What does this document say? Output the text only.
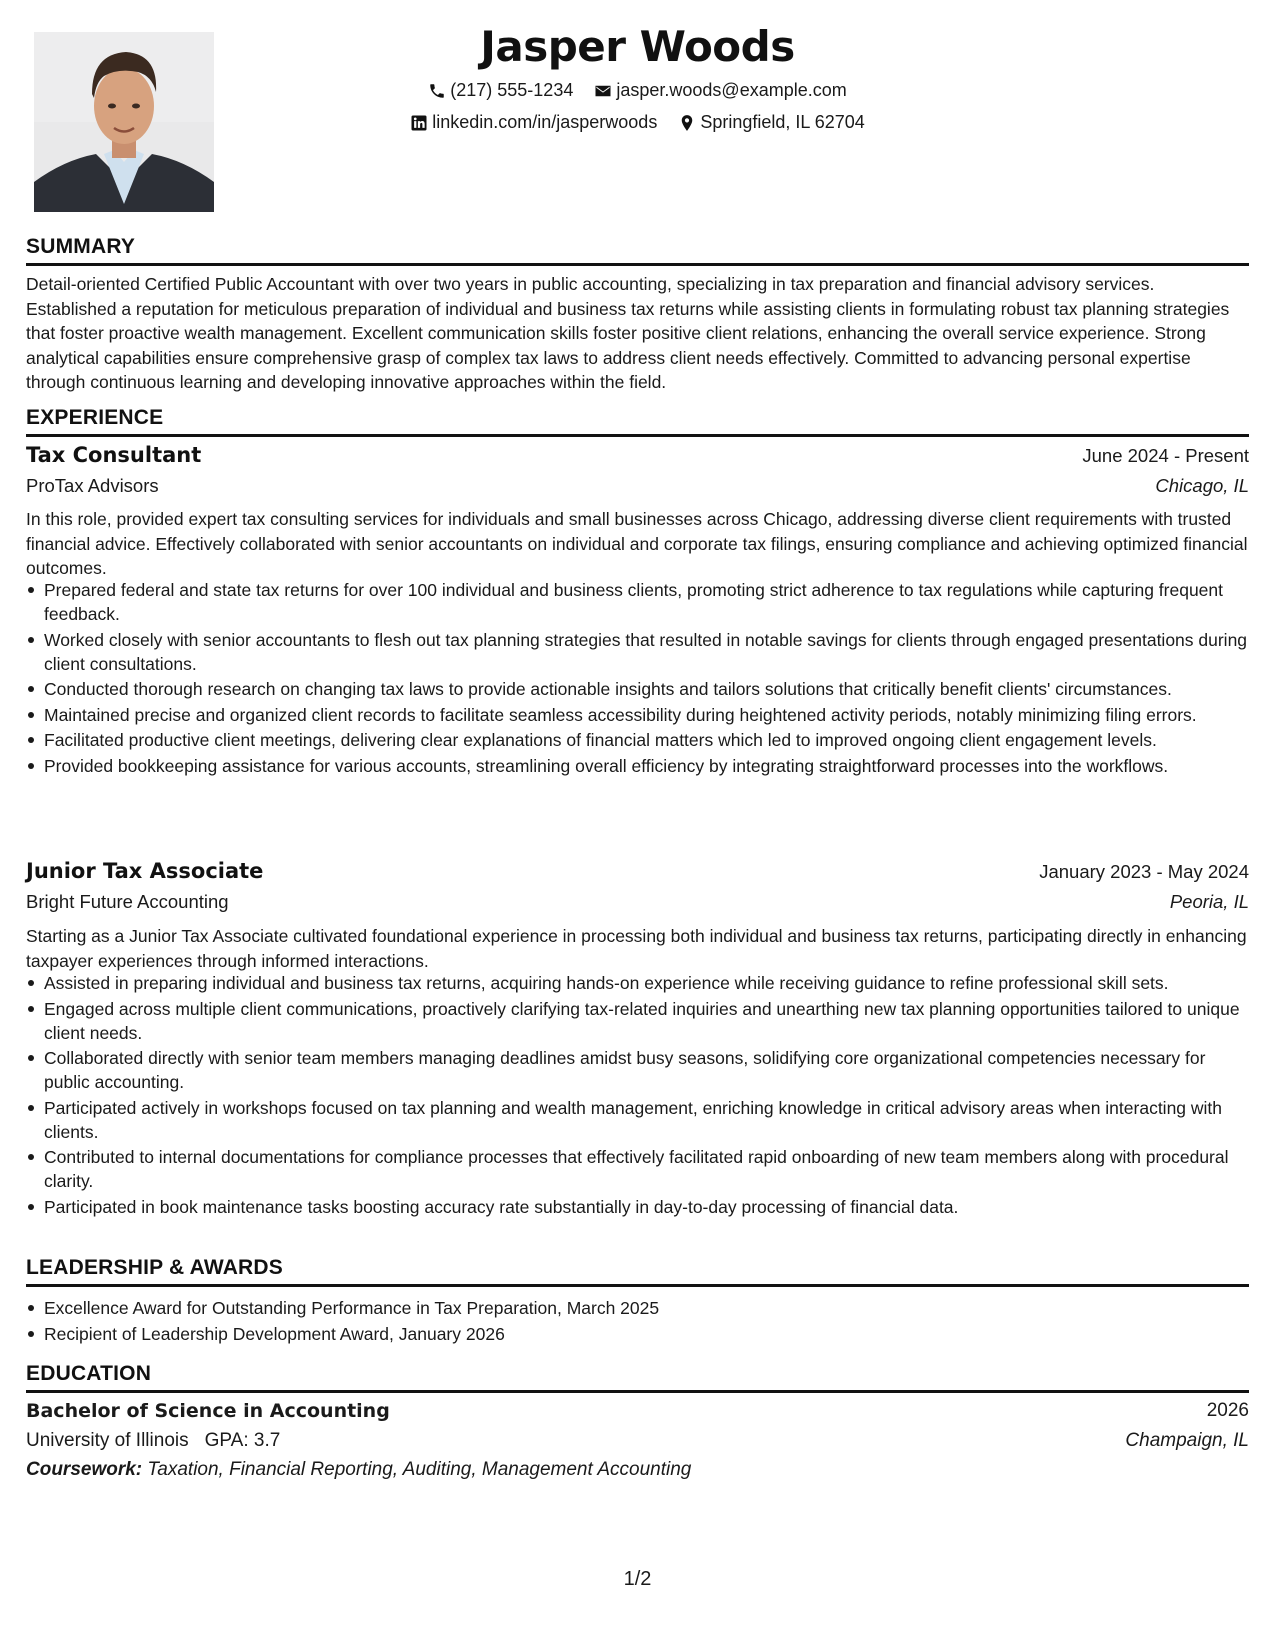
Jasper Woods
(217) 555-1234
jasper.woods@example.com
linkedin.com/in/jasperwoods
Springfield, IL 62704
SUMMARY
Detail-oriented Certified Public Accountant with over two years in public accounting, specializing in tax preparation and financial advisory services. Established a reputation for meticulous preparation of individual and business tax returns while assisting clients in formulating robust tax planning strategies that foster proactive wealth management. Excellent communication skills foster positive client relations, enhancing the overall service experience. Strong analytical capabilities ensure comprehensive grasp of complex tax laws to address client needs effectively. Committed to advancing personal expertise through continuous learning and developing innovative approaches within the field.
EXPERIENCE
Tax Consultant	June 2024 - Present
ProTax Advisors	Chicago, IL
In this role, provided expert tax consulting services for individuals and small businesses across Chicago, addressing diverse client requirements with trusted financial advice. Effectively collaborated with senior accountants on individual and corporate tax filings, ensuring compliance and achieving optimized financial outcomes.
Prepared federal and state tax returns for over 100 individual and business clients, promoting strict adherence to tax regulations while capturing frequent feedback.
Worked closely with senior accountants to flesh out tax planning strategies that resulted in notable savings for clients through engaged presentations during client consultations.
Conducted thorough research on changing tax laws to provide actionable insights and tailors solutions that critically benefit clients' circumstances.
Maintained precise and organized client records to facilitate seamless accessibility during heightened activity periods, notably minimizing filing errors.
Facilitated productive client meetings, delivering clear explanations of financial matters which led to improved ongoing client engagement levels.
Provided bookkeeping assistance for various accounts, streamlining overall efficiency by integrating straightforward processes into the workflows.
Junior Tax Associate	January 2023 - May 2024
Bright Future Accounting	Peoria, IL
Starting as a Junior Tax Associate cultivated foundational experience in processing both individual and business tax returns, participating directly in enhancing taxpayer experiences through informed interactions.
Assisted in preparing individual and business tax returns, acquiring hands-on experience while receiving guidance to refine professional skill sets.
Engaged across multiple client communications, proactively clarifying tax-related inquiries and unearthing new tax planning opportunities tailored to unique client needs.
Collaborated directly with senior team members managing deadlines amidst busy seasons, solidifying core organizational competencies necessary for public accounting.
Participated actively in workshops focused on tax planning and wealth management, enriching knowledge in critical advisory areas when interacting with clients.
Contributed to internal documentations for compliance processes that effectively facilitated rapid onboarding of new team members along with procedural clarity.
Participated in book maintenance tasks boosting accuracy rate substantially in day-to-day processing of financial data.
LEADERSHIP & AWARDS
Excellence Award for Outstanding Performance in Tax Preparation, March 2025
Recipient of Leadership Development Award, January 2026
EDUCATION
Bachelor of Science in Accounting	2026
University of Illinois GPA: 3.7	Champaign, IL
Coursework: Taxation, Financial Reporting, Auditing, Management Accounting
1/2
